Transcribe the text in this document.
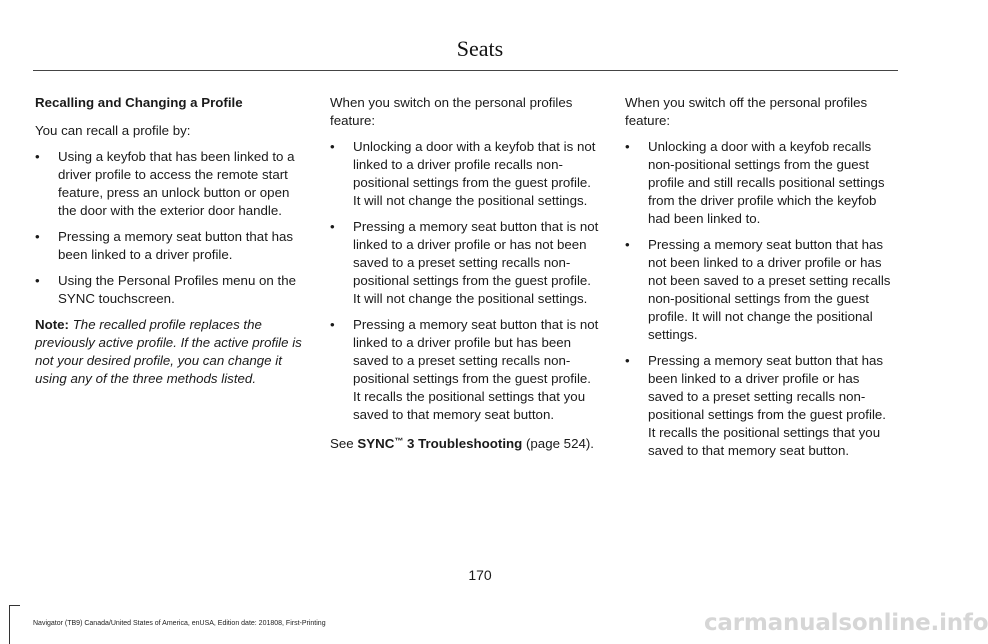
Seats
Recalling and Changing a Profile

You can recall a profile by:

• Using a keyfob that has been linked to a driver profile to access the remote start feature, press an unlock button or open the door with the exterior door handle.
• Pressing a memory seat button that has been linked to a driver profile.
• Using the Personal Profiles menu on the SYNC touchscreen.

Note: The recalled profile replaces the previously active profile. If the active profile is not your desired profile, you can change it using any of the three methods listed.

When you switch on the personal profiles feature:

• Unlocking a door with a keyfob that is not linked to a driver profile recalls non-positional settings from the guest profile. It will not change the positional settings.
• Pressing a memory seat button that is not linked to a driver profile or has not been saved to a preset setting recalls non-positional settings from the guest profile. It will not change the positional settings.
• Pressing a memory seat button that is not linked to a driver profile but has been saved to a preset setting recalls non-positional settings from the guest profile. It recalls the positional settings that you saved to that memory seat button.

See SYNC™ 3 Troubleshooting (page 524).

When you switch off the personal profiles feature:

• Unlocking a door with a keyfob recalls non-positional settings from the guest profile and still recalls positional settings from the driver profile which the keyfob had been linked to.
• Pressing a memory seat button that has not been linked to a driver profile or has not been saved to a preset setting recalls non-positional settings from the guest profile. It will not change the positional settings.
• Pressing a memory seat button that has been linked to a driver profile or has saved to a preset setting recalls non-positional settings from the guest profile. It recalls the positional settings that you saved to that memory seat button.
170
Navigator (TB9) Canada/United States of America, enUSA, Edition date: 201808, First-Printing	carmanualsonline.info
